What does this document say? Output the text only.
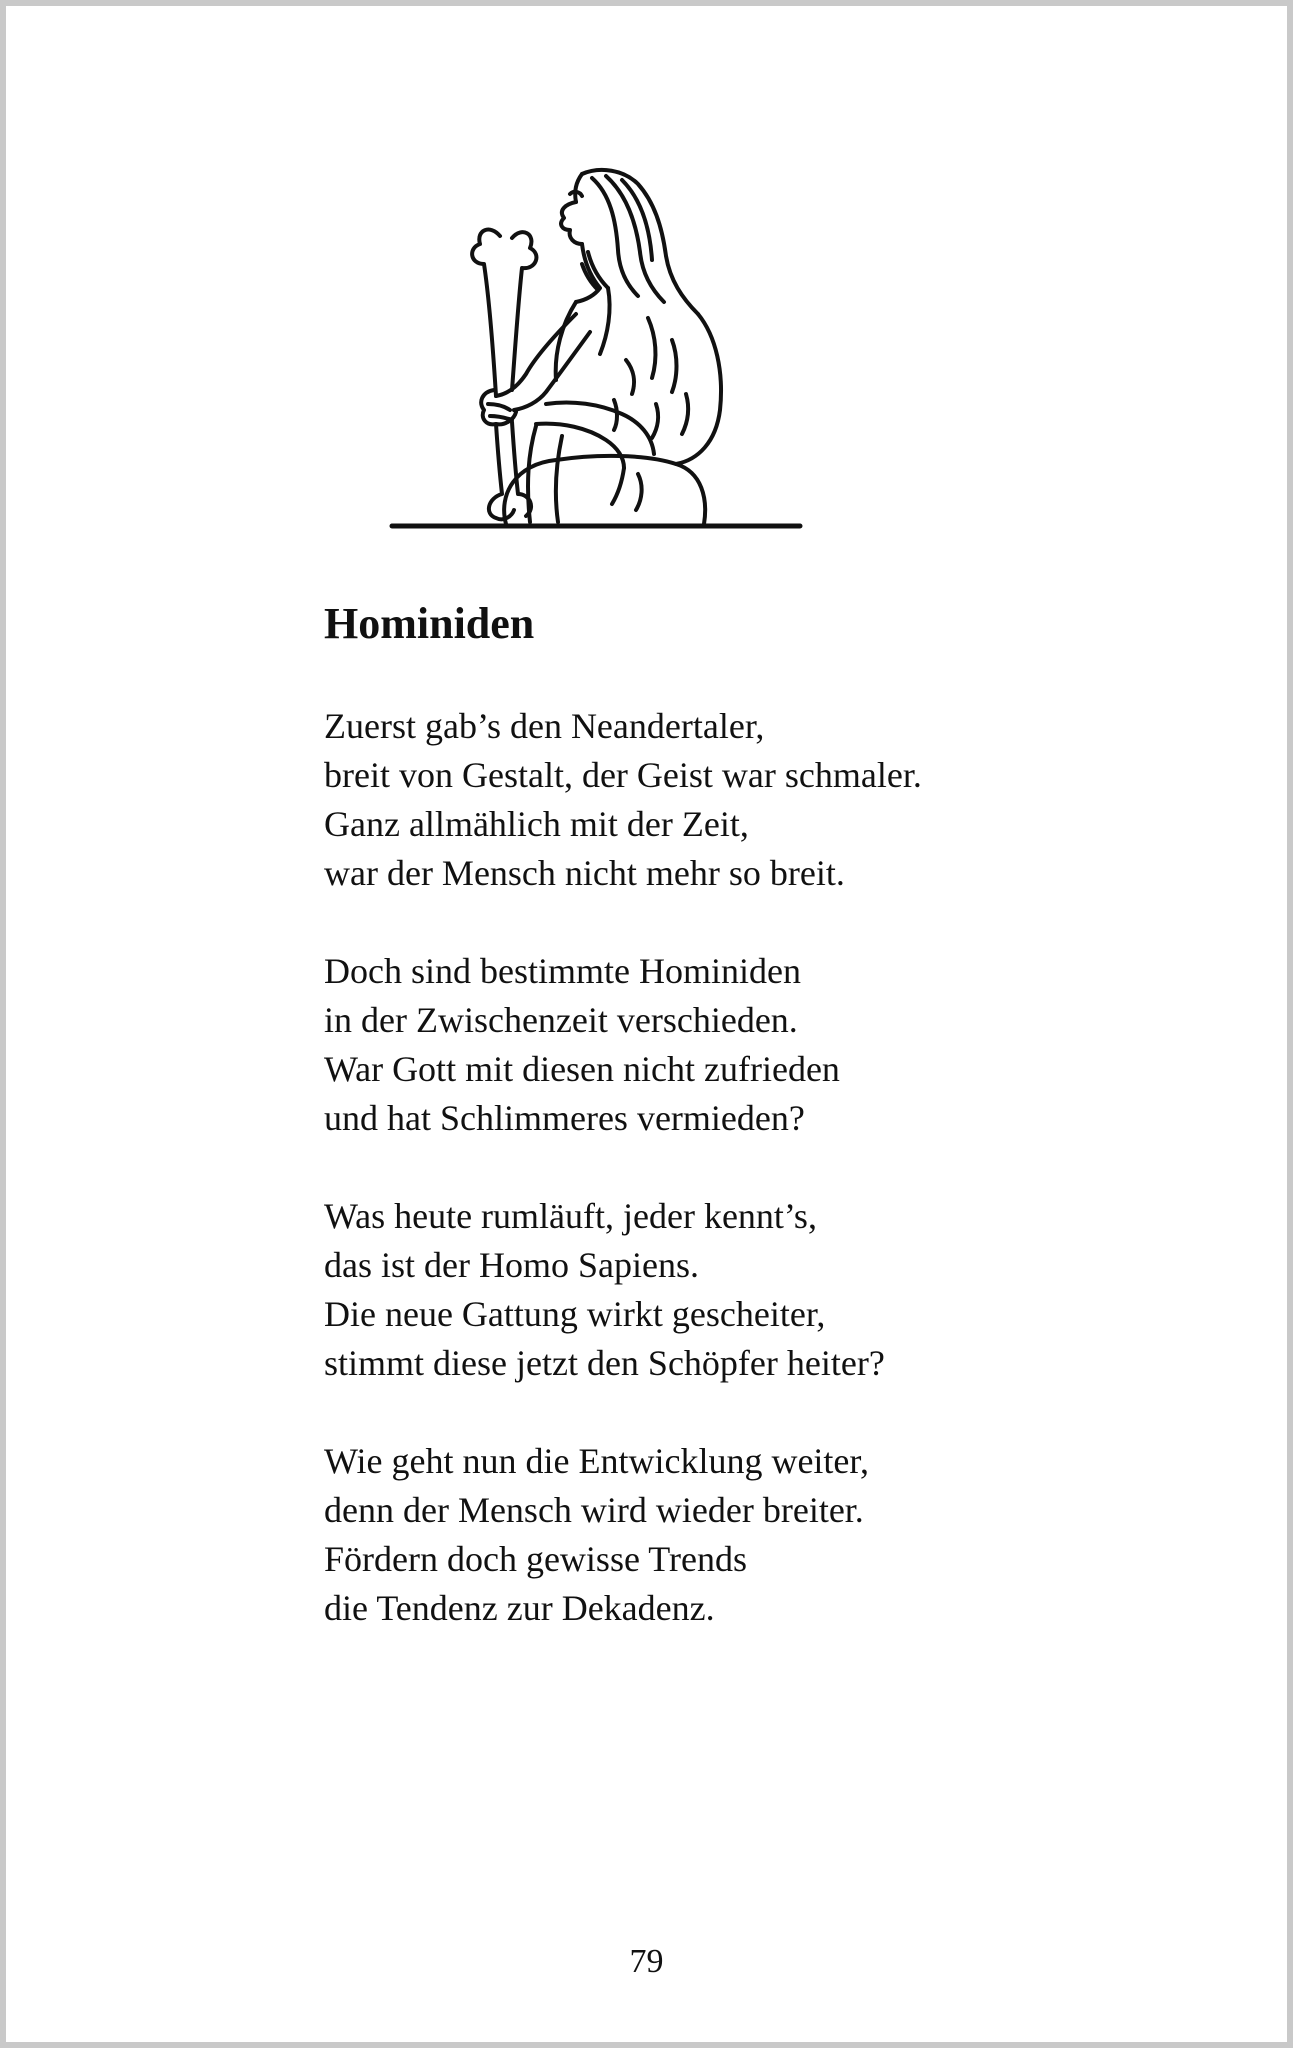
Hominiden
Zuerst gab’s den Neandertaler,
breit von Gestalt, der Geist war schmaler.
Ganz allmählich mit der Zeit,
war der Mensch nicht mehr so breit.
Doch sind bestimmte Hominiden
in der Zwischenzeit verschieden.
War Gott mit diesen nicht zufrieden
und hat Schlimmeres vermieden?
Was heute rumläuft, jeder kennt’s,
das ist der Homo Sapiens.
Die neue Gattung wirkt gescheiter,
stimmt diese jetzt den Schöpfer heiter?
Wie geht nun die Entwicklung weiter,
denn der Mensch wird wieder breiter.
Fördern doch gewisse Trends
die Tendenz zur Dekadenz.
79
